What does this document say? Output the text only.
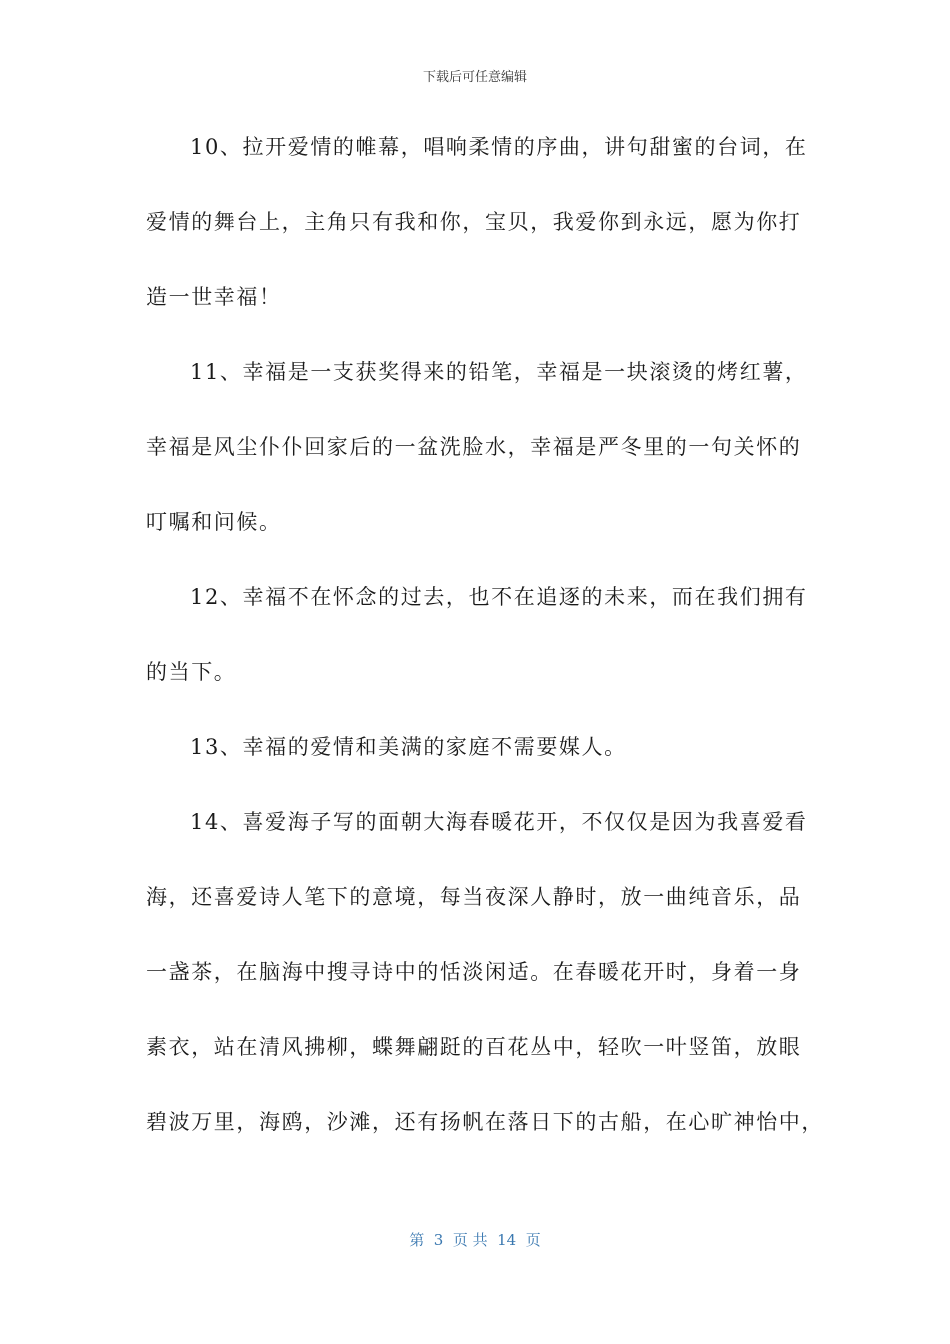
下载后可任意编辑
10、拉开爱情的帷幕，唱响柔情的序曲，讲句甜蜜的台词，在
爱情的舞台上，主角只有我和你，宝贝，我爱你到永远，愿为你打
造一世幸福！
11、幸福是一支获奖得来的铅笔，幸福是一块滚烫的烤红薯，
幸福是风尘仆仆回家后的一盆洗脸水，幸福是严冬里的一句关怀的
叮嘱和问候。
12、幸福不在怀念的过去，也不在追逐的未来，而在我们拥有
的当下。
13、幸福的爱情和美满的家庭不需要媒人。
14、喜爱海子写的面朝大海春暖花开，不仅仅是因为我喜爱看
海，还喜爱诗人笔下的意境，每当夜深人静时，放一曲纯音乐，品
一盏茶，在脑海中搜寻诗中的恬淡闲适。在春暖花开时，身着一身
素衣，站在清风拂柳，蝶舞翩跹的百花丛中，轻吹一叶竖笛，放眼
碧波万里，海鸥，沙滩，还有扬帆在落日下的古船，在心旷神怡中，
第  3  页 共  14  页
